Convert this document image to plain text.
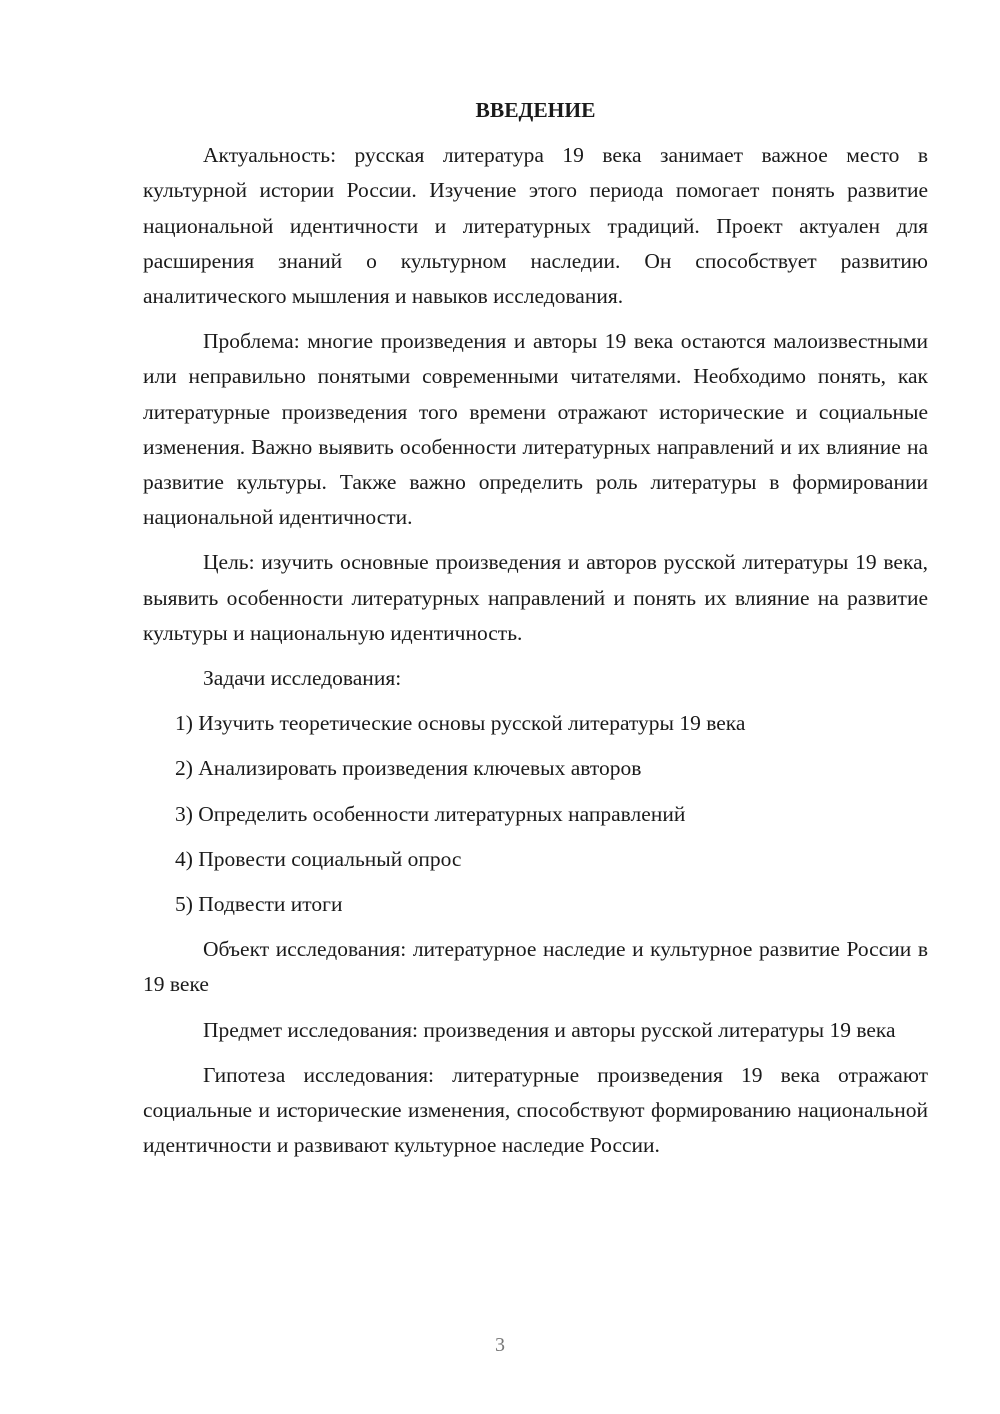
ВВЕДЕНИЕ

Актуальность: русская литература 19 века занимает важное место в культурной истории России. Изучение этого периода помогает понять развитие национальной идентичности и литературных традиций. Проект актуален для расширения знаний о культурном наследии. Он способствует развитию аналитического мышления и навыков исследования.

Проблема: многие произведения и авторы 19 века остаются малоизвестными или неправильно понятыми современными читателями. Необходимо понять, как литературные произведения того времени отражают исторические и социальные изменения. Важно выявить особенности литературных направлений и их влияние на развитие культуры. Также важно определить роль литературы в формировании национальной идентичности.

Цель: изучить основные произведения и авторов русской литературы 19 века, выявить особенности литературных направлений и понять их влияние на развитие культуры и национальную идентичность.

Задачи исследования:

1) Изучить теоретические основы русской литературы 19 века
2) Анализировать произведения ключевых авторов
3) Определить особенности литературных направлений
4) Провести социальный опрос
5) Подвести итоги

Объект исследования: литературное наследие и культурное развитие России в 19 веке

Предмет исследования: произведения и авторы русской литературы 19 века

Гипотеза исследования: литературные произведения 19 века отражают социальные и исторические изменения, способствуют формированию национальной идентичности и развивают культурное наследие России.

3
